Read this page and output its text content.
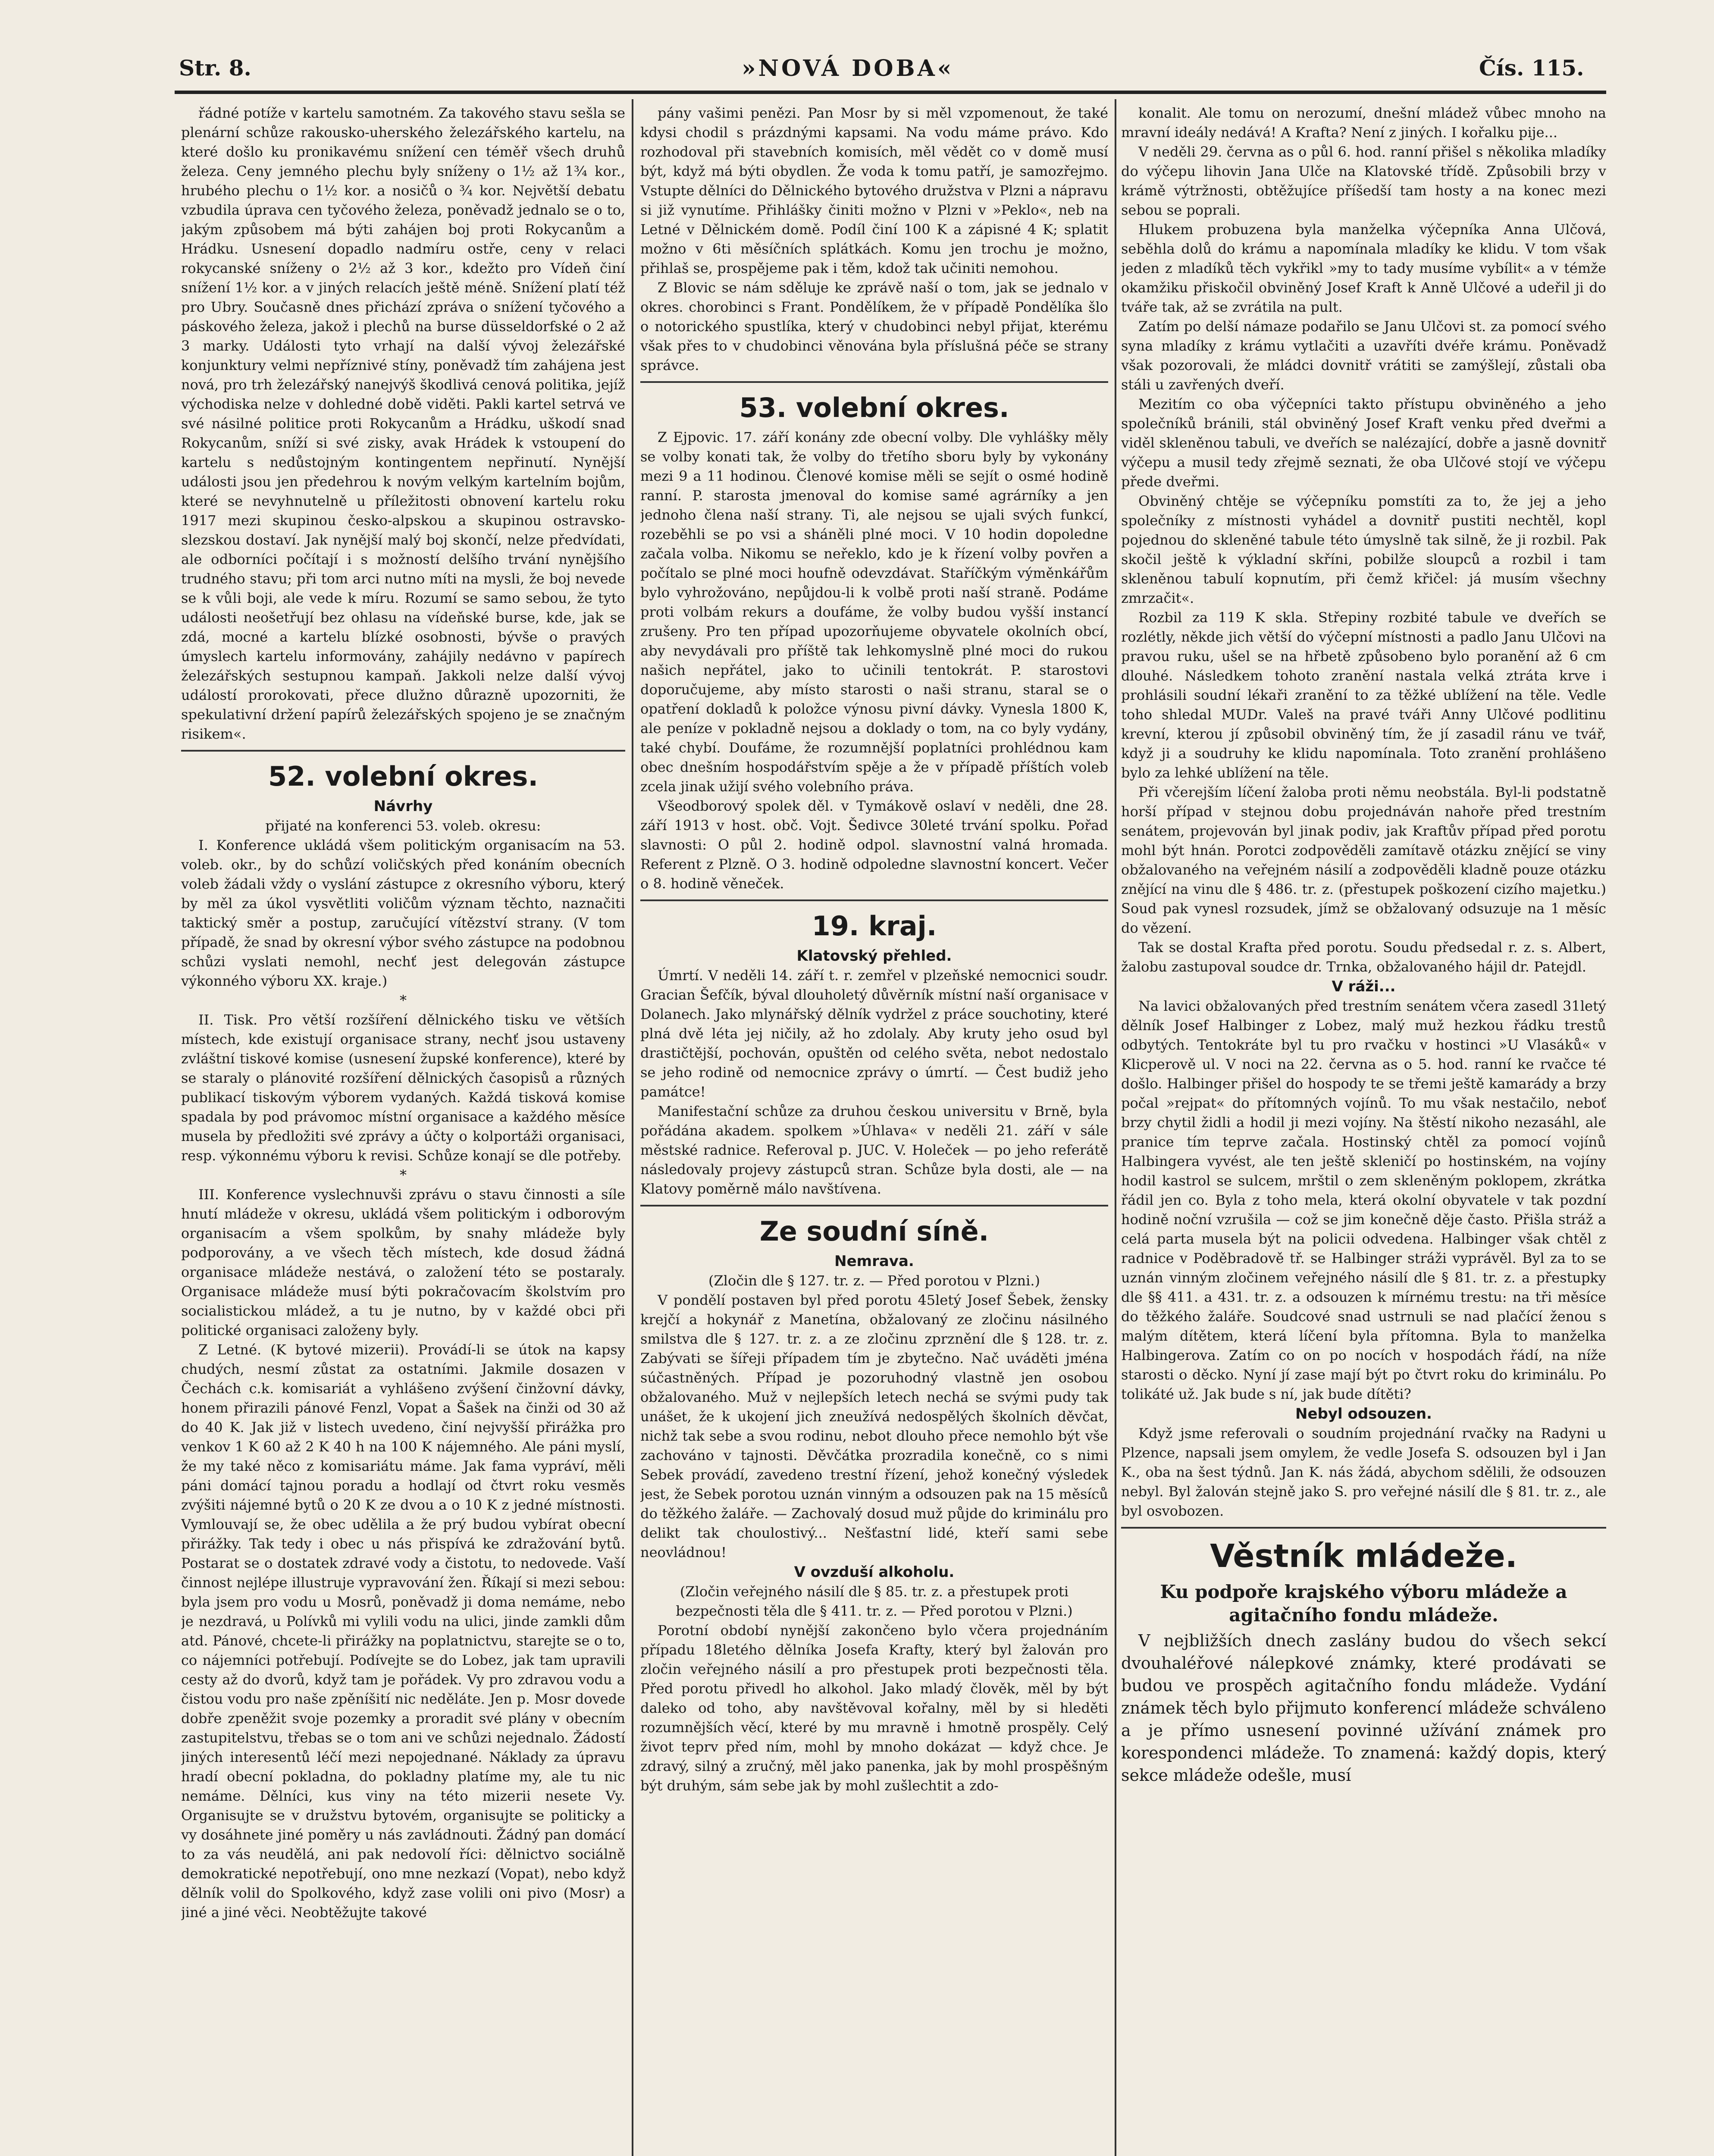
Str. 8.	»NOVÁ DOBA«	Čís. 115.

řádné potíže v kartelu samotném. Za takového stavu sešla se plenární schůze rakousko-uherského železářského kartelu, na které došlo ku pronikavému snížení cen téměř všech druhů železa. Ceny jemného plechu byly sníženy o 1½ až 1¾ kor., hrubého plechu o 1½ kor. a nosičů o ¾ kor. Největší debatu vzbudila úprava cen tyčového železa, poněvadž jednalo se o to, jakým způsobem má býti zahájen boj proti Rokycanům a Hrádku. Usnesení dopadlo nadmíru ostře, ceny v relaci rokycanské sníženy o 2½ až 3 kor., kdežto pro Vídeň činí snížení 1½ kor. a v jiných relacích ještě méně. Snížení platí též pro Ubry. Současně dnes přichází zpráva o snížení tyčového a páskového železa, jakož i plechů na burse düsseldorfské o 2 až 3 marky. Události tyto vrhají na další vývoj železářské konjunktury velmi nepříznivé stíny, poněvadž tím zahájena jest nová, pro trh železářský nanejvýš škodlivá cenová politika, jejíž východiska nelze v dohledné době viděti. Pakli kartel setrvá ve své násilné politice proti Rokycanům a Hrádku, uškodí snad Rokycanům, sníží si své zisky, avak Hrádek k vstoupení do kartelu s nedůstojným kontingentem nepřinutí. Nynější události jsou jen předehrou k novým velkým kartelním bojům, které se nevyhnutelně u příležitosti obnovení kartelu roku 1917 mezi skupinou česko-alpskou a skupinou ostravsko-slezskou dostaví. Jak nynější malý boj skončí, nelze předvídati, ale odborníci počítají i s možností delšího trvání nynějšího trudného stavu; při tom arci nutno míti na mysli, že boj nevede se k vůli boji, ale vede k míru. Rozumí se samo sebou, že tyto události neošetřují bez ohlasu na vídeňské burse, kde, jak se zdá, mocné a kartelu blízké osobnosti, bývše o pravých úmyslech kartelu informovány, zahájily nedávno v papírech železářských sestupnou kampaň. Jakkoli nelze další vývoj událostí prorokovati, přece dlužno důrazně upozorniti, že spekulativní držení papírů železářských spojeno je se značným risikem«.

52. volební okres.
Návrhy
přijaté na konferenci 53. voleb. okresu:

I. Konference ukládá všem politickým organisacím na 53. voleb. okr., by do schůzí voličských před konáním obecních voleb žádali vždy o vyslání zástupce z okresního výboru, který by měl za úkol vysvětliti voličům význam těchto, naznačiti taktický směr a postup, zaručující vítězství strany. (V tom případě, že snad by okresní výbor svého zástupce na podobnou schůzi vyslati nemohl, nechť jest delegován zástupce výkonného výboru XX. kraje.)

*

II. Tisk. Pro větší rozšíření dělnického tisku ve větších místech, kde existují organisace strany, nechť jsou ustaveny zvláštní tiskové komise (usnesení župské konference), které by se staraly o plánovité rozšíření dělnických časopisů a různých publikací tiskovým výborem vydaných. Každá tisková komise spadala by pod právomoc místní organisace a každého měsíce musela by předložiti své zprávy a účty o kolportáži organisaci, resp. výkonnému výboru k revisi. Schůze konají se dle potřeby.

*

III. Konference vyslechnuvši zprávu o stavu činnosti a síle hnutí mládeže v okresu, ukládá všem politickým i odborovým organisacím a všem spolkům, by snahy mládeže byly podporovány, a ve všech těch místech, kde dosud žádná organisace mládeže nestává, o založení této se postaraly. Organisace mládeže musí býti pokračovacím školstvím pro socialistickou mládež, a tu je nutno, by v každé obci při politické organisaci založeny byly.

Z Letné. (K bytové mizerii). Provádí-li se útok na kapsy chudých, nesmí zůstat za ostatními. Jakmile dosazen v Čechách c.k. komisariát a vyhlášeno zvýšení činžovní dávky, honem přirazili pánové Fenzl, Vopat a Šašek na činži od 30 až do 40 K. Jak již v listech uvedeno, činí nejvyšší přirážka pro venkov 1 K 60 až 2 K 40 h na 100 K nájemného. Ale páni myslí, že my také něco z komisariátu máme. Jak fama vypráví, měli páni domácí tajnou poradu a hodlají od čtvrt roku vesměs zvýšiti nájemné bytů o 20 K ze dvou a o 10 K z jedné místnosti. Vymlouvají se, že obec udělila a že prý budou vybírat obecní přirážky. Tak tedy i obec u nás přispívá ke zdražování bytů. Postarat se o dostatek zdravé vody a čistotu, to nedovede. Vaší činnost nejlépe illustruje vypravování žen. Říkají si mezi sebou: byla jsem pro vodu u Mosrů, poněvadž ji doma nemáme, nebo je nezdravá, u Polívků mi vylili vodu na ulici, jinde zamkli dům atd. Pánové, chcete-li přirážky na poplatnictvu, starejte se o to, co nájemníci potřebují. Podívejte se do Lobez, jak tam upravili cesty až do dvorů, když tam je pořádek. Vy pro zdravou vodu a čistou vodu pro naše zpěníšití nic neděláte. Jen p. Mosr dovede dobře zpeněžit svoje pozemky a proradit své plány v obecním zastupitelstvu, třebas se o tom ani ve schůzi nejednalo. Žádostí jiných interesentů léčí mezi nepojednané. Náklady za úpravu hradí obecní pokladna, do pokladny platíme my, ale tu nic nemáme. Dělníci, kus viny na této mizerii nesete Vy. Organisujte se v družstvu bytovém, organisujte se politicky a vy dosáhnete jiné poměry u nás zavládnouti. Žádný pan domácí to za vás neudělá, ani pak nedovolí říci: dělnictvo sociálně demokratické nepotřebují, ono mne nezkazí (Vopat), nebo když dělník volil do Spolkového, když zase volili oni pivo (Mosr) a jiné a jiné věci. Neobtěžujte takové

pány vašimi penězi. Pan Mosr by si měl vzpomenout, že také kdysi chodil s prázdnými kapsami. Na vodu máme právo. Kdo rozhodoval při stavebních komisích, měl vědět co v domě musí být, když má býti obydlen. Že voda k tomu patří, je samozřejmo. Vstupte dělníci do Dělnického bytového družstva v Plzni a nápravu si již vynutíme. Přihlášky činiti možno v Plzni v »Peklo«, neb na Letné v Dělnickém domě. Podíl činí 100 K a zápisné 4 K; splatit možno v 6ti měsíčních splátkách. Komu jen trochu je možno, přihlaš se, prospějeme pak i těm, kdož tak učiniti nemohou.

Z Blovic se nám sděluje ke zprávě naší o tom, jak se jednalo v okres. chorobinci s Frant. Pondělíkem, že v případě Pondělíka šlo o notorického spustlíka, který v chudobinci nebyl přijat, kterému však přes to v chudobinci věnována byla příslušná péče se strany správce.

53. volební okres.

Z Ejpovic. 17. září konány zde obecní volby. Dle vyhlášky měly se volby konati tak, že volby do třetího sboru byly by vykonány mezi 9 a 11 hodinou. Členové komise měli se sejít o osmé hodině ranní. P. starosta jmenoval do komise samé agrárníky a jen jednoho člena naší strany. Ti, ale nejsou se ujali svých funkcí, rozeběhli se po vsi a sháněli plné moci. V 10 hodin dopoledne začala volba. Nikomu se neřeklo, kdo je k řízení volby povřen a počítalo se plné moci houfně odevzdávat. Staříčkým výměnkářům bylo vyhrožováno, nepůjdou-li k volbě proti naší straně. Podáme proti volbám rekurs a doufáme, že volby budou vyšší instancí zrušeny. Pro ten případ upozorňujeme obyvatele okolních obcí, aby nevydávali pro příště tak lehkomyslně plné moci do rukou našich nepřátel, jako to učinili tentokrát. P. starostovi doporučujeme, aby místo starosti o naši stranu, staral se o opatření dokladů k položce výnosu pivní dávky. Vynesla 1800 K, ale peníze v pokladně nejsou a doklady o tom, na co byly vydány, také chybí. Doufáme, že rozumnější poplatníci prohlédnou kam obec dnešním hospodářstvím spěje a že v případě příštích voleb zcela jinak užijí svého volebního práva.

Všeodborový spolek děl. v Tymákově oslaví v neděli, dne 28. září 1913 v host. obč. Vojt. Šedivce 30leté trvání spolku. Pořad slavnosti: O půl 2. hodině odpol. slavnostní valná hromada. Referent z Plzně. O 3. hodině odpoledne slavnostní koncert. Večer o 8. hodině věneček.

19. kraj.
Klatovský přehled.

Úmrtí. V neděli 14. září t. r. zemřel v plzeňské nemocnici soudr. Gracian Šefčík, býval dlouholetý důvěrník místní naší organisace v Dolanech. Jako mlynářský dělník vydržel z práce souchotiny, které plná dvě léta jej ničily, až ho zdolaly. Aby kruty jeho osud byl drastičtější, pochován, opuštěn od celého světa, nebot nedostalo se jeho rodině od nemocnice zprávy o úmrtí. — Čest budiž jeho památce!

Manifestační schůze za druhou českou universitu v Brně, byla pořádána akadem. spolkem »Úhlava« v neděli 21. září v sále městské radnice. Referoval p. JUC. V. Holeček — po jeho referátě následovaly projevy zástupců stran. Schůze byla dosti, ale — na Klatovy poměrně málo navštívena.

Ze soudní síně.
Nemrava.
(Zločin dle § 127. tr. z. — Před porotou v Plzni.)

V pondělí postaven byl před porotu 45letý Josef Šebek, žensky krejčí a hokynář z Manetína, obžalovaný ze zločinu násilného smilstva dle § 127. tr. z. a ze zločinu zprznění dle § 128. tr. z. Zabývati se šířeji případem tím je zbytečno. Nač uváděti jména súčastněných. Případ je pozoruhodný vlastně jen osobou obžalovaného. Muž v nejlepších letech nechá se svými pudy tak unášet, že k ukojení jich zneužívá nedospělých školních děvčat, nichž tak sebe a svou rodinu, nebot dlouho přece nemohlo být vše zachováno v tajnosti. Děvčátka prozradila konečně, co s nimi Sebek provádí, zavedeno trestní řízení, jehož konečný výsledek jest, že Sebek porotou uznán vinným a odsouzen pak na 15 měsíců do těžkého žaláře. — Zachovalý dosud muž půjde do kriminálu pro delikt tak choulostivý... Nešťastní lidé, kteří sami sebe neovládnou!

V ovzduší alkoholu.
(Zločin veřejného násilí dle § 85. tr. z. a přestupek proti bezpečnosti těla dle § 411. tr. z. — Před porotou v Plzni.)

Porotní období nynější zakončeno bylo včera projednáním případu 18letého dělníka Josefa Krafty, který byl žalován pro zločin veřejného násilí a pro přestupek proti bezpečnosti těla. Před porotu přivedl ho alkohol. Jako mladý člověk, měl by být daleko od toho, aby navštěvoval kořalny, měl by si hleděti rozumnějších věcí, které by mu mravně i hmotně prospěly. Celý život teprv před ním, mohl by mnoho dokázat — když chce. Je zdravý, silný a zručný, měl jako panenka, jak by mohl prospěšným být druhým, sám sebe jak by mohl zušlechtit a zdo-

konalit. Ale tomu on nerozumí, dnešní mládež vůbec mnoho na mravní ideály nedává! A Krafta? Není z jiných. I kořalku pije...

V neděli 29. června as o půl 6. hod. ranní přišel s několika mladíky do výčepu lihovin Jana Ulče na Klatovské třídě. Způsobili brzy v krámě výtržnosti, obtěžujíce příšedší tam hosty a na konec mezi sebou se poprali.

Hlukem probuzena byla manželka výčepníka Anna Ulčová, seběhla dolů do krámu a napomínala mladíky ke klidu. V tom však jeden z mladíků těch vykřikl »my to tady musíme vybílit« a v témže okamžiku přiskočil obviněný Josef Kraft k Anně Ulčové a udeřil ji do tváře tak, až se zvrátila na pult.

Zatím po delší námaze podařilo se Janu Ulčovi st. za pomocí svého syna mladíky z krámu vytlačiti a uzavříti dvéře krámu. Poněvadž však pozorovali, že mládci dovnitř vrátiti se zamýšlejí, zůstali oba stáli u zavřených dveří.

Mezitím co oba výčepníci takto přístupu obviněného a jeho společníků bránili, stál obviněný Josef Kraft venku před dveřmi a viděl skleněnou tabuli, ve dveřích se nalézající, dobře a jasně dovnitř výčepu a musil tedy zřejmě seznati, že oba Ulčové stojí ve výčepu přede dveřmi.

Obviněný chtěje se výčepníku pomstíti za to, že jej a jeho společníky z místnosti vyhádel a dovnitř pustiti nechtěl, kopl pojednou do skleněné tabule této úmyslně tak silně, že ji rozbil. Pak skočil ještě k výkladní skříni, pobilže sloupců a rozbil i tam skleněnou tabulí kopnutím, při čemž křičel: já musím všechny zmrzačit«.

Rozbil za 119 K skla. Střepiny rozbité tabule ve dveřích se rozlétly, někde jich větší do výčepní místnosti a padlo Janu Ulčovi na pravou ruku, ušel se na hřbetě způsobeno bylo poranění až 6 cm dlouhé. Následkem tohoto zranění nastala velká ztráta krve i prohlásili soudní lékaři zranění to za těžké ublížení na těle. Vedle toho shledal MUDr. Valeš na pravé tváři Anny Ulčové podlitinu krevní, kterou jí způsobil obviněný tím, že jí zasadil ránu ve tvář, když ji a soudruhy ke klidu napomínala. Toto zranění prohlášeno bylo za lehké ublížení na těle.

Při včerejším líčení žaloba proti němu neobstála. Byl-li podstatně horší případ v stejnou dobu projednáván nahoře před trestním senátem, projevován byl jinak podiv, jak Kraftův případ před porotu mohl být hnán. Porotci zodpověděli zamítavě otázku znějící se viny obžalovaného na veřejném násilí a zodpověděli kladně pouze otázku znějící na vinu dle § 486. tr. z. (přestupek poškození cizího majetku.) Soud pak vynesl rozsudek, jímž se obžalovaný odsuzuje na 1 měsíc do vězení.

Tak se dostal Krafta před porotu. Soudu předsedal r. z. s. Albert, žalobu zastupoval soudce dr. Trnka, obžalovaného hájil dr. Patejdl.

V ráži...

Na lavici obžalovaných před trestním senátem včera zasedl 31letý dělník Josef Halbinger z Lobez, malý muž hezkou řádku trestů odbytých. Tentokráte byl tu pro rvačku v hostinci »U Vlasáků« v Klicperově ul. V noci na 22. června as o 5. hod. ranní ke rvačce té došlo. Halbinger přišel do hospody te se třemi ještě kamarády a brzy počal »rejpat« do přítomných vojínů. To mu však nestačilo, neboť brzy chytil židli a hodil ji mezi vojíny. Na štěstí nikoho nezasáhl, ale pranice tím teprve začala. Hostinský chtěl za pomocí vojínů Halbingera vyvést, ale ten ještě skleničí po hostinském, na vojíny hodil kastrol se sulcem, mrštil o zem skleněným poklopem, zkrátka řádil jen co. Byla z toho mela, která okolní obyvatele v tak pozdní hodině noční vzrušila — což se jim konečně děje často. Přišla stráž a celá parta musela být na policii odvedena. Halbinger však chtěl z radnice v Poděbradově tř. se Halbinger stráži vyprávěl. Byl za to se uznán vinným zločinem veřejného násilí dle § 81. tr. z. a přestupky dle §§ 411. a 431. tr. z. a odsouzen k mírnému trestu: na tři měsíce do těžkého žaláře. Soudcové snad ustrnuli se nad plačící ženou s malým dítětem, která líčení byla přítomna. Byla to manželka Halbingerova. Zatím co on po nocích v hospodách řádí, na níže starosti o děcko. Nyní jí zase mají být po čtvrt roku do kriminálu. Po tolikáté už. Jak bude s ní, jak bude dítěti?

Nebyl odsouzen.

Když jsme referovali o soudním projednání rvačky na Radyni u Plzence, napsali jsem omylem, že vedle Josefa S. odsouzen byl i Jan K., oba na šest týdnů. Jan K. nás žádá, abychom sdělili, že odsouzen nebyl. Byl žalován stejně jako S. pro veřejné násilí dle § 81. tr. z., ale byl osvobozen.

Věstník mládeže.
Ku podpoře krajského výboru mládeže a agitačního fondu mládeže.

V nejbližších dnech zaslány budou do všech sekcí dvouhaléřové nálepkové známky, které prodávati se budou ve prospěch agitačního fondu mládeže. Vydání známek těch bylo přijmuto konferencí mládeže schváleno a je přímo usnesení povinné užívání známek pro korespondenci mládeže. To znamená: každý dopis, který sekce mládeže odešle, musí
